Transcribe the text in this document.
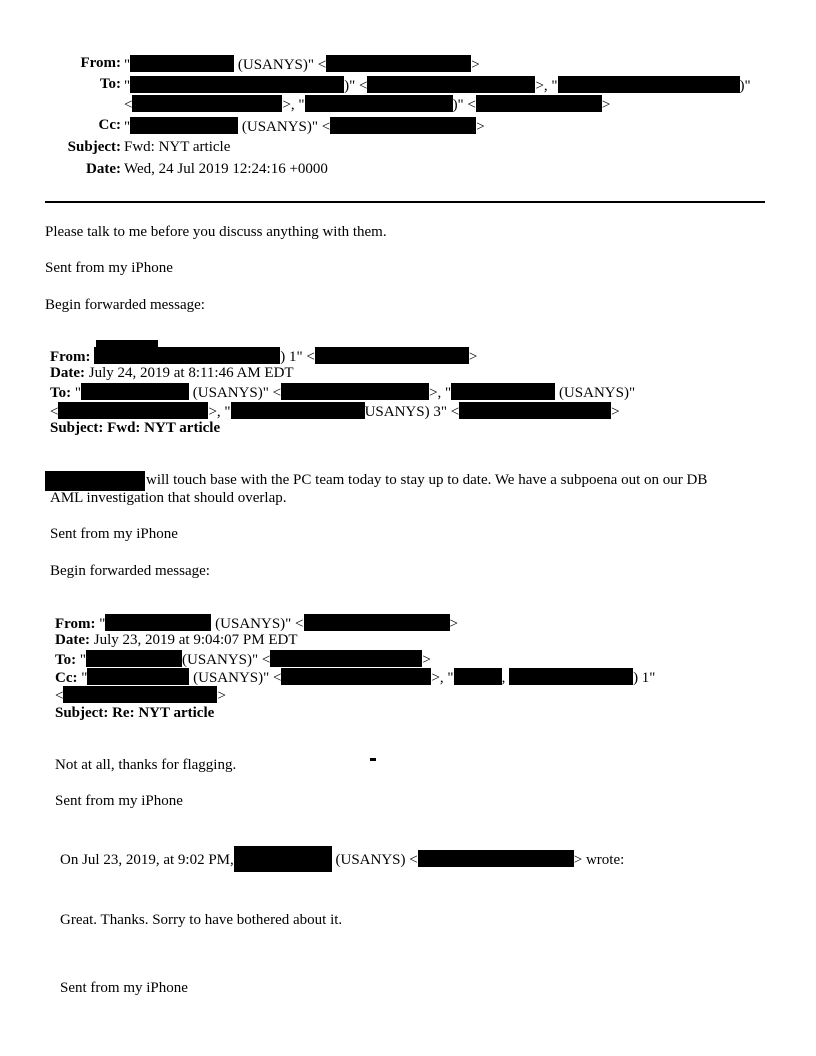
From: "	(USANYS)" <	>
To: "	)" <	>, "	)"
<	>, "	)" <	>
Cc: "	(USANYS)" <	>
Subject: Fwd: NYT article
Date: Wed, 24 Jul 2019 12:24:16 +0000
Please talk to me before you discuss anything with them.
Sent from my iPhone
Begin forwarded message:
From:	) 1" <	>
Date: July 24, 2019 at 8:11:46 AM EDT
To: "	(USANYS)" <	>, "	(USANYS)"
<	>, "	USANYS) 3" <	>
Subject: Fwd: NYT article
will touch base with the PC team today to stay up to date. We have a subpoena out on our DB
AML investigation that should overlap.
Sent from my iPhone
Begin forwarded message:
From: "	(USANYS)" <	>
Date: July 23, 2019 at 9:04:07 PM EDT
To: "	(USANYS)" <	>
Cc: "	(USANYS)" <	>, "	,	) 1"
<	>
Subject: Re: NYT article
Not at all, thanks for flagging.
Sent from my iPhone
On Jul 23, 2019, at 9:02 PM,	(USANYS) <	> wrote:
Great. Thanks. Sorry to have bothered about it.
Sent from my iPhone
